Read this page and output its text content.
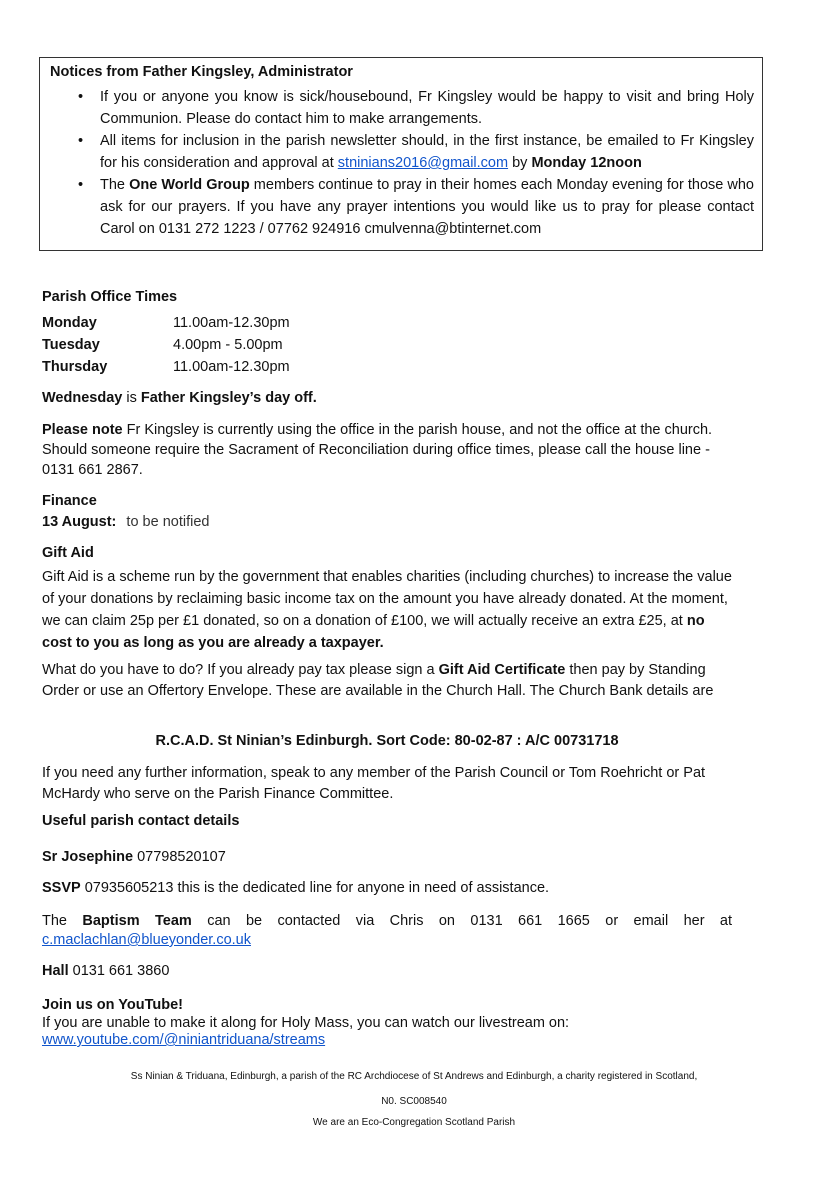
Notices from Father Kingsley, Administrator
• If you or anyone you know is sick/housebound, Fr Kingsley would be happy to visit and bring Holy Communion. Please do contact him to make arrangements.
• All items for inclusion in the parish newsletter should, in the first instance, be emailed to Fr Kingsley for his consideration and approval at stninians2016@gmail.com by Monday 12noon
• The One World Group members continue to pray in their homes each Monday evening for those who ask for our prayers. If you have any prayer intentions you would like us to pray for please contact Carol on 0131 272 1223 / 07762 924916 cmulvenna@btinternet.com
Parish Office Times
Monday	11.00am-12.30pm
Tuesday	4.00pm - 5.00pm
Thursday	11.00am-12.30pm
Wednesday is Father Kingsley’s day off.
Please note Fr Kingsley is currently using the office in the parish house, and not the office at the church. Should someone require the Sacrament of Reconciliation during office times, please call the house line - 0131 661 2867.
Finance
13 August: to be notified
Gift Aid
Gift Aid is a scheme run by the government that enables charities (including churches) to increase the value of your donations by reclaiming basic income tax on the amount you have already donated. At the moment, we can claim 25p per £1 donated, so on a donation of £100, we will actually receive an extra £25, at no cost to you as long as you are already a taxpayer.
What do you have to do? If you already pay tax please sign a Gift Aid Certificate then pay by Standing Order or use an Offertory Envelope. These are available in the Church Hall. The Church Bank details are
R.C.A.D. St Ninian’s Edinburgh. Sort Code: 80-02-87 : A/C 00731718
If you need any further information, speak to any member of the Parish Council or Tom Roehricht or Pat McHardy who serve on the Parish Finance Committee.
Useful parish contact details
Sr Josephine 07798520107
SSVP 07935605213 this is the dedicated line for anyone in need of assistance.
The Baptism Team can be contacted via Chris on 0131 661 1665 or email her at c.maclachlan@blueyonder.co.uk
Hall 0131 661 3860
Join us on YouTube!
If you are unable to make it along for Holy Mass, you can watch our livestream on:
www.youtube.com/@niniantriduana/streams
Ss Ninian & Triduana, Edinburgh, a parish of the RC Archdiocese of St Andrews and Edinburgh, a charity registered in Scotland,
N0. SC008540
We are an Eco-Congregation Scotland Parish
